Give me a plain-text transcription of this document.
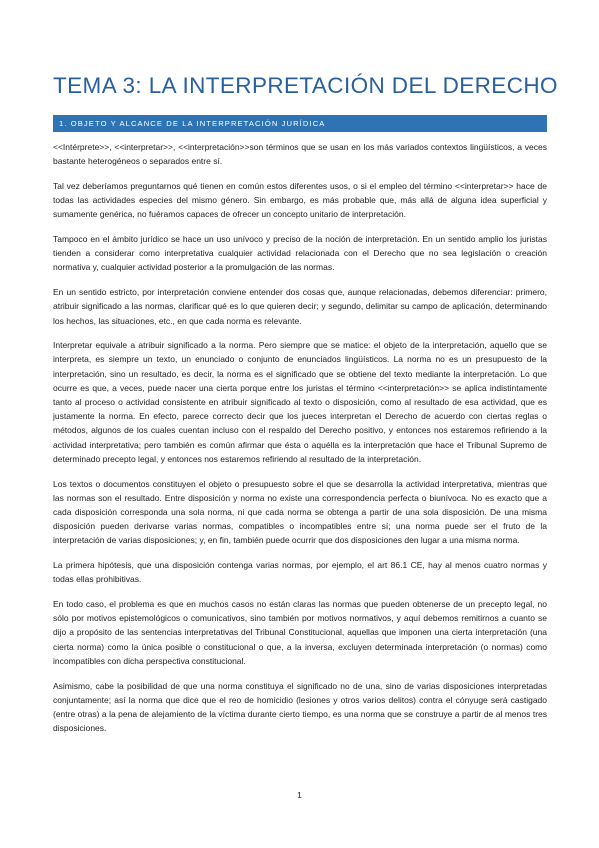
TEMA 3: LA INTERPRETACIÓN DEL DERECHO
1. OBJETO Y ALCANCE DE LA INTERPRETACIÓN JURÍDICA

<<Intérprete>>, <<interpretar>>, <<interpretación>>son términos que se usan en los más variados contextos lingüísticos, a veces bastante heterogéneos o separados entre sí.

Tal vez deberíamos preguntarnos qué tienen en común estos diferentes usos, o si el empleo del término <<interpretar>> hace de todas las actividades especies del mismo género. Sin embargo, es más probable que, más allá de alguna idea superficial y sumamente genérica, no fuéramos capaces de ofrecer un concepto unitario de interpretación.

Tampoco en el ámbito jurídico se hace un uso unívoco y preciso de la noción de interpretación. En un sentido amplio los juristas tienden a considerar como interpretativa cualquier actividad relacionada con el Derecho que no sea legislación o creación normativa y, cualquier actividad posterior a la promulgación de las normas.

En un sentido estricto, por interpretación conviene entender dos cosas que, aunque relacionadas, debemos diferenciar: primero, atribuir significado a las normas, clarificar qué es lo que quieren decir; y segundo, delimitar su campo de aplicación, determinando los hechos, las situaciones, etc., en que cada norma es relevante.

Interpretar equivale a atribuir significado a la norma. Pero siempre que se matice: el objeto de la interpretación, aquello que se interpreta, es siempre un texto, un enunciado o conjunto de enunciados lingüísticos. La norma no es un presupuesto de la interpretación, sino un resultado, es decir, la norma es el significado que se obtiene del texto mediante la interpretación. Lo que ocurre es que, a veces, puede nacer una cierta porque entre los juristas el término <<interpretación>> se aplica indistintamente tanto al proceso o actividad consistente en atribuir significado al texto o disposición, como al resultado de esa actividad, que es justamente la norma. En efecto, parece correcto decir que los jueces interpretan el Derecho de acuerdo con ciertas reglas o métodos, algunos de los cuales cuentan incluso con el respaldo del Derecho positivo, y entonces nos estaremos refiriendo a la actividad interpretativa; pero también es común afirmar que ésta o aquélla es la interpretación que hace el Tribunal Supremo de determinado precepto legal, y entonces nos estaremos refiriendo al resultado de la interpretación.

Los textos o documentos constituyen el objeto o presupuesto sobre el que se desarrolla la actividad interpretativa, mientras que las normas son el resultado. Entre disposición y norma no existe una correspondencia perfecta o biunívoca. No es exacto que a cada disposición corresponda una sola norma, ni que cada norma se obtenga a partir de una sola disposición. De una misma disposición pueden derivarse varias normas, compatibles o incompatibles entre sí; una norma puede ser el fruto de la interpretación de varias disposiciones; y, en fin, también puede ocurrir que dos disposiciones den lugar a una misma norma.

La primera hipótesis, que una disposición contenga varias normas, por ejemplo, el art 86.1 CE, hay al menos cuatro normas y todas ellas prohibitivas.

En todo caso, el problema es que en muchos casos no están claras las normas que pueden obtenerse de un precepto legal, no sólo por motivos epistemológicos o comunicativos, sino también por motivos normativos, y aquí debemos remitirnos a cuanto se dijo a propósito de las sentencias interpretativas del Tribunal Constitucional, aquellas que imponen una cierta interpretación (una cierta norma) como la única posible o constitucional o que, a la inversa, excluyen determinada interpretación (o normas) como incompatibles con dicha perspectiva constitucional.

Asimismo, cabe la posibilidad de que una norma constituya el significado no de una, sino de varias disposiciones interpretadas conjuntamente; así la norma que dice que el reo de homicidio (lesiones y otros varios delitos) contra el cónyuge será castigado (entre otras) a la pena de alejamiento de la víctima durante cierto tiempo, es una norma que se construye a partir de al menos tres disposiciones.

1
